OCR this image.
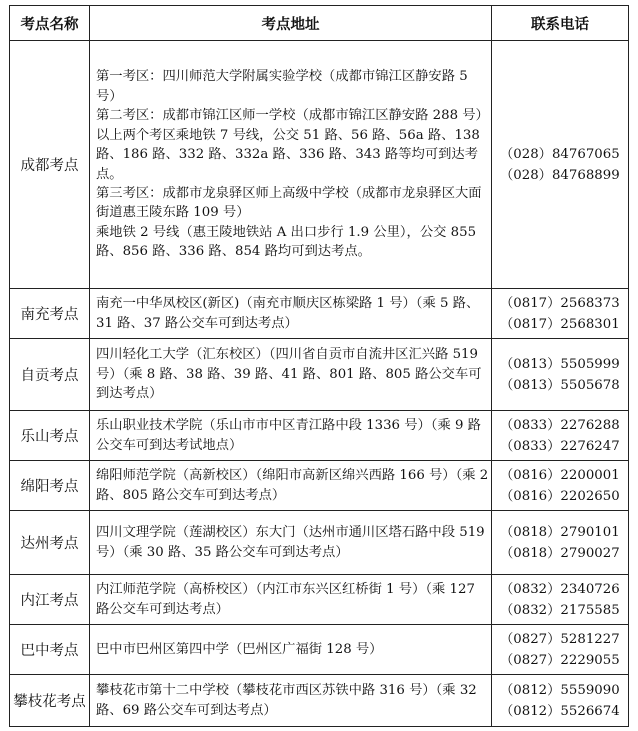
考点名称	考点地址	联系电话
成都考点	第一考区：四川师范大学附属实验学校（成都市锦江区静安路 5 号）
第二考区：成都市锦江区师一学校（成都市锦江区静安路 288 号）
以上两个考区乘地铁 7 号线，公交 51 路、56 路、56a 路、138 路、186 路、332 路、332a 路、336 路、343 路等均可到达考点。
第三考区：成都市龙泉驿区师上高级中学校（成都市龙泉驿区大面街道惠王陵东路 109 号）
乘地铁 2 号线（惠王陵地铁站 A 出口步行 1.9 公里），公交 855 路、856 路、336 路、854 路均可到达考点。	（028）84767065
（028）84768899

南充考点	南充一中华凤校区(新区)（南充市顺庆区栋梁路 1 号）（乘 5 路、31 路、37 路公交车可到达考点）	（0817）2568373
（0817）2568301

自贡考点	四川轻化工大学（汇东校区）（四川省自贡市自流井区汇兴路 519 号）（乘 8 路、38 路、39 路、41 路、801 路、805 路公交车可到达考点）	（0813）5505999
（0813）5505678

乐山考点	乐山职业技术学院（乐山市市中区青江路中段 1336 号）（乘 9 路公交车可到达考试地点）	（0833）2276288
（0833）2276247

绵阳考点	绵阳师范学院（高新校区）（绵阳市高新区绵兴西路 166 号）（乘 2 路、805 路公交车可到达考点）	（0816）2200001
（0816）2202650

达州考点	四川文理学院（莲湖校区）东大门（达州市通川区塔石路中段 519 号）（乘 30 路、35 路公交车可到达考点）	（0818）2790101
（0818）2790027

内江考点	内江师范学院（高桥校区）（内江市东兴区红桥街 1 号）（乘 127 路公交车可到达考点）	（0832）2340726
（0832）2175585

巴中考点	巴中市巴州区第四中学（巴州区广福街 128 号）	（0827）5281227
（0827）2229055

攀枝花考点	攀枝花市第十二中学校（攀枝花市西区苏铁中路 316 号）（乘 32 路、69 路公交车可到达考点）	（0812）5559090
（0812）5526674
